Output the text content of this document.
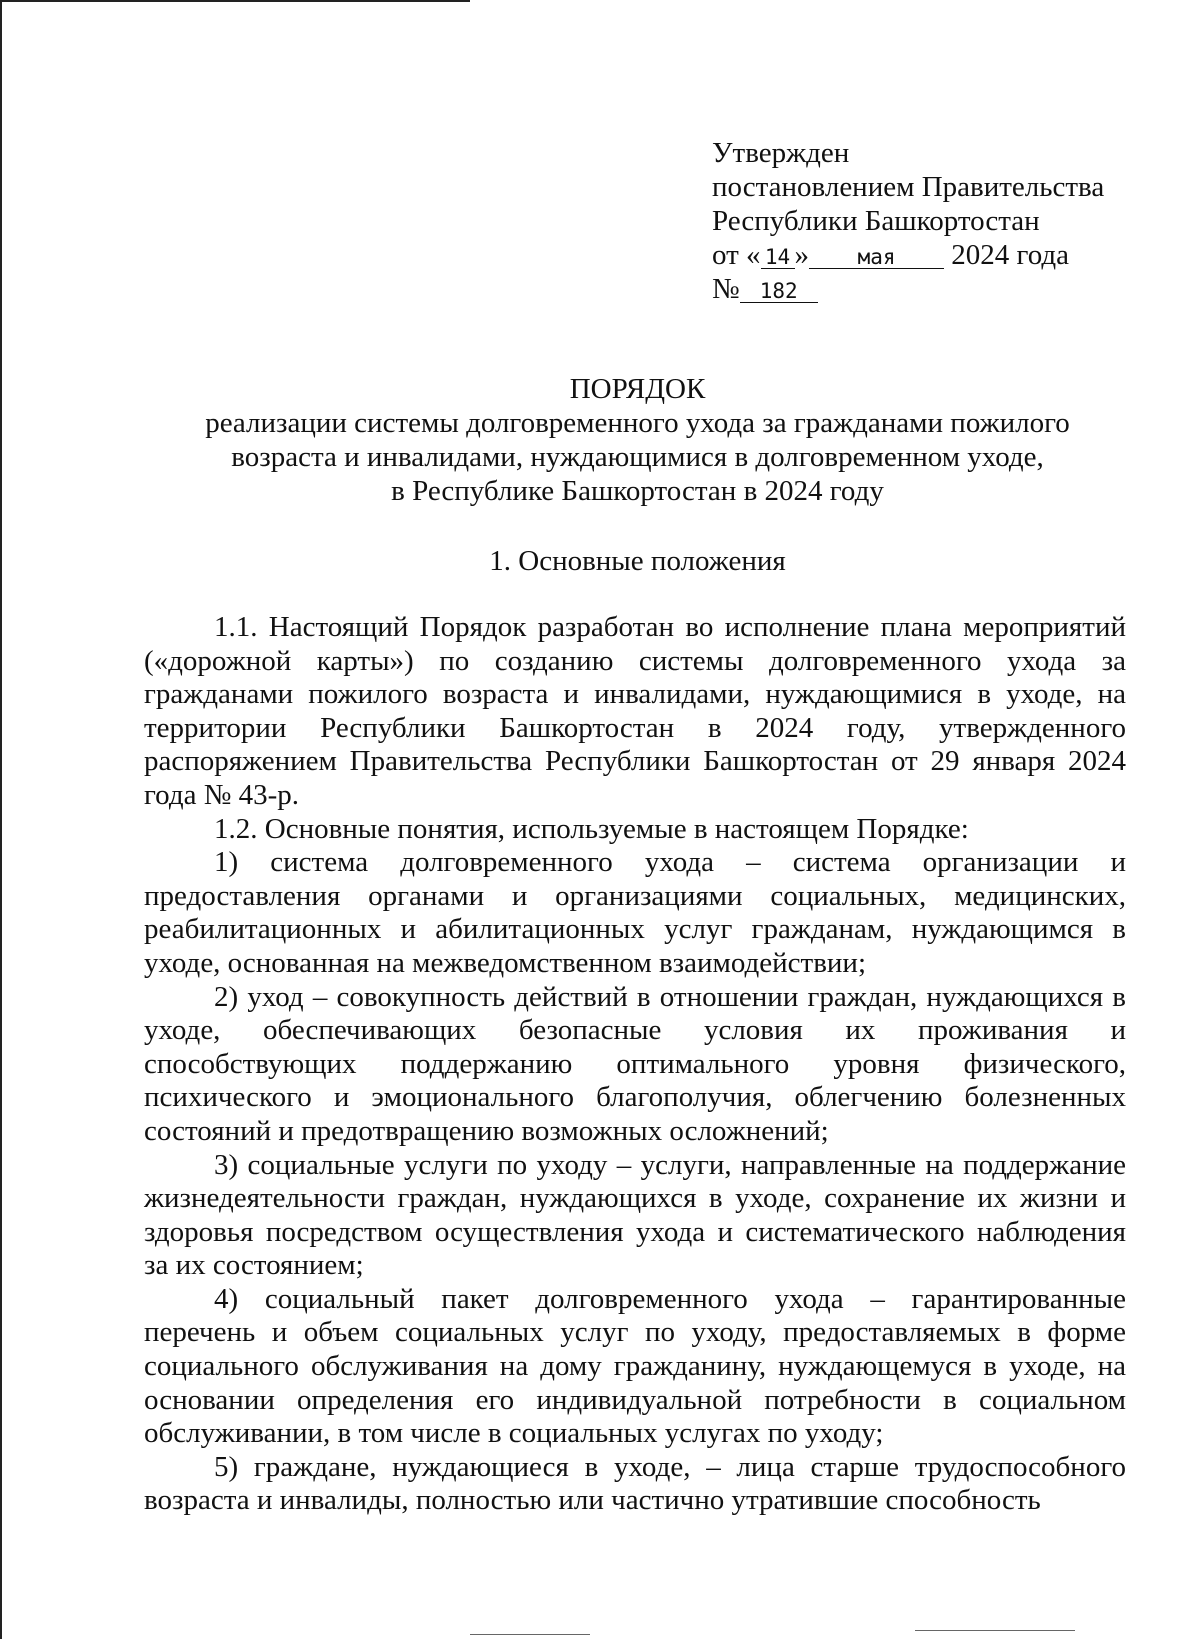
Утвержден
постановлением Правительства
Республики Башкортостан
от « 14 » мая 2024 года
№ 182
ПОРЯДОК
реализации системы долговременного ухода за гражданами пожилого
возраста и инвалидами, нуждающимися в долговременном уходе,
в Республике Башкортостан в 2024 году
1. Основные положения

1.1. Настоящий Порядок разработан во исполнение плана мероприятий («дорожной карты») по созданию системы долговременного ухода за гражданами пожилого возраста и инвалидами, нуждающимися в уходе, на территории Республики Башкортостан в 2024 году, утвержденного распоряжением Правительства Республики Башкортостан от 29 января 2024 года № 43-р.

1.2. Основные понятия, используемые в настоящем Порядке:

1) система долговременного ухода – система организации и предоставления органами и организациями социальных, медицинских, реабилитационных и абилитационных услуг гражданам, нуждающимся в уходе, основанная на межведомственном взаимодействии;

2) уход – совокупность действий в отношении граждан, нуждающихся в уходе, обеспечивающих безопасные условия их проживания и способствующих поддержанию оптимального уровня физического, психического и эмоционального благополучия, облегчению болезненных состояний и предотвращению возможных осложнений;

3) социальные услуги по уходу – услуги, направленные на поддержание жизнедеятельности граждан, нуждающихся в уходе, сохранение их жизни и здоровья посредством осуществления ухода и систематического наблюдения за их состоянием;

4) социальный пакет долговременного ухода – гарантированные перечень и объем социальных услуг по уходу, предоставляемых в форме социального обслуживания на дому гражданину, нуждающемуся в уходе, на основании определения его индивидуальной потребности в социальном обслуживании, в том числе в социальных услугах по уходу;

5) граждане, нуждающиеся в уходе, – лица старше трудоспособного возраста и инвалиды, полностью или частично утратившие способность
